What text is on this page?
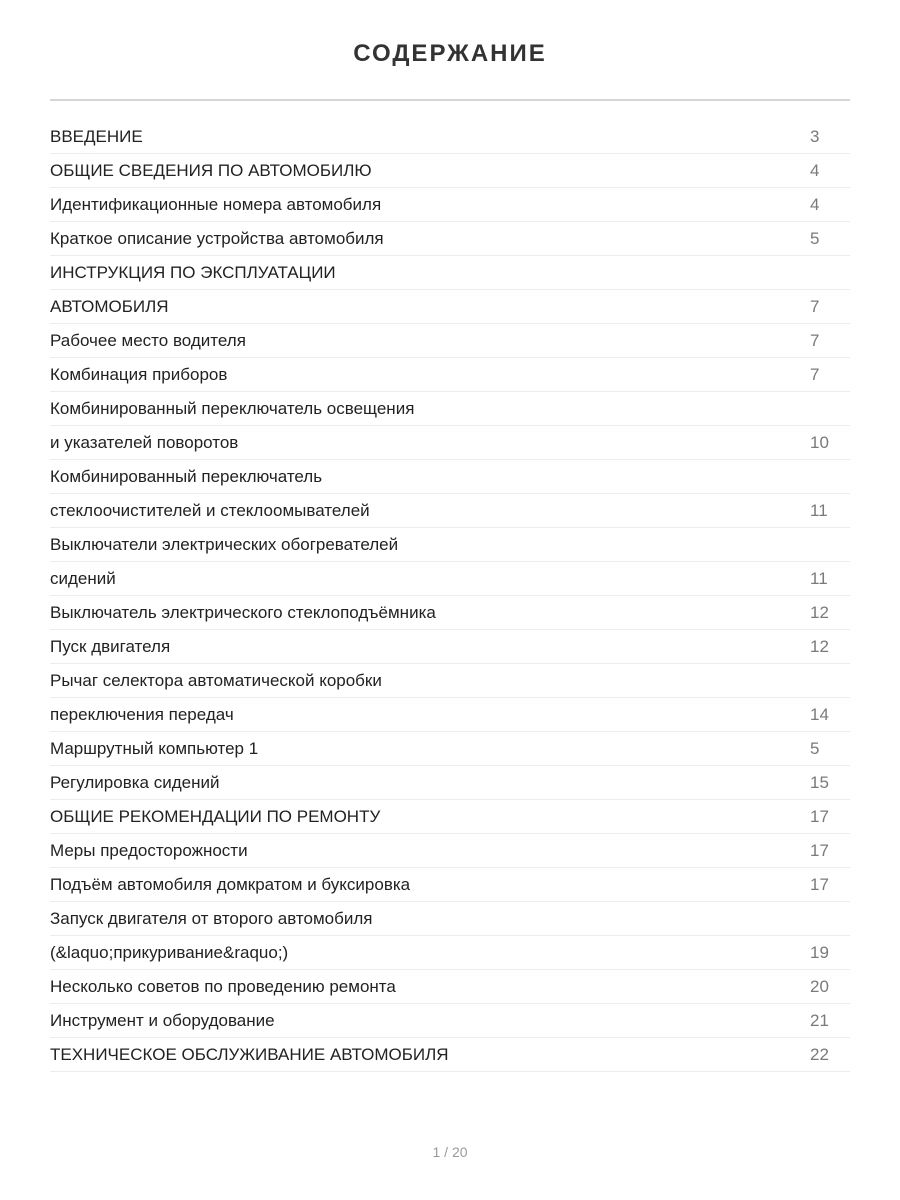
СОДЕРЖАНИЕ
ВВЕДЕНИЕ	3
ОБЩИЕ СВЕДЕНИЯ ПО АВТОМОБИЛЮ	4
Идентификационные номера автомобиля	4
Краткое описание устройства автомобиля	5
ИНСТРУКЦИЯ ПО ЭКСПЛУАТАЦИИ
АВТОМОБИЛЯ	7
Рабочее место водителя	7
Комбинация приборов	7
Комбинированный переключатель освещения
и указателей поворотов	10
Комбинированный переключатель
стеклоочистителей и стеклоомывателей	11
Выключатели электрических обогревателей
сидений	11
Выключатель электрического стеклоподъёмника	12
Пуск двигателя	12
Рычаг селектора автоматической коробки
переключения передач	14
Маршрутный компьютер 1	5
Регулировка сидений	15
ОБЩИЕ РЕКОМЕНДАЦИИ ПО РЕМОНТУ	17
Меры предосторожности	17
Подъём автомобиля домкратом и буксировка	17
Запуск двигателя от второго автомобиля
(&laquo;прикуривание&raquo;)	19
Несколько советов по проведению ремонта	20
Инструмент и оборудование	21
ТЕХНИЧЕСКОЕ ОБСЛУЖИВАНИЕ АВТОМОБИЛЯ	22
1 / 20
